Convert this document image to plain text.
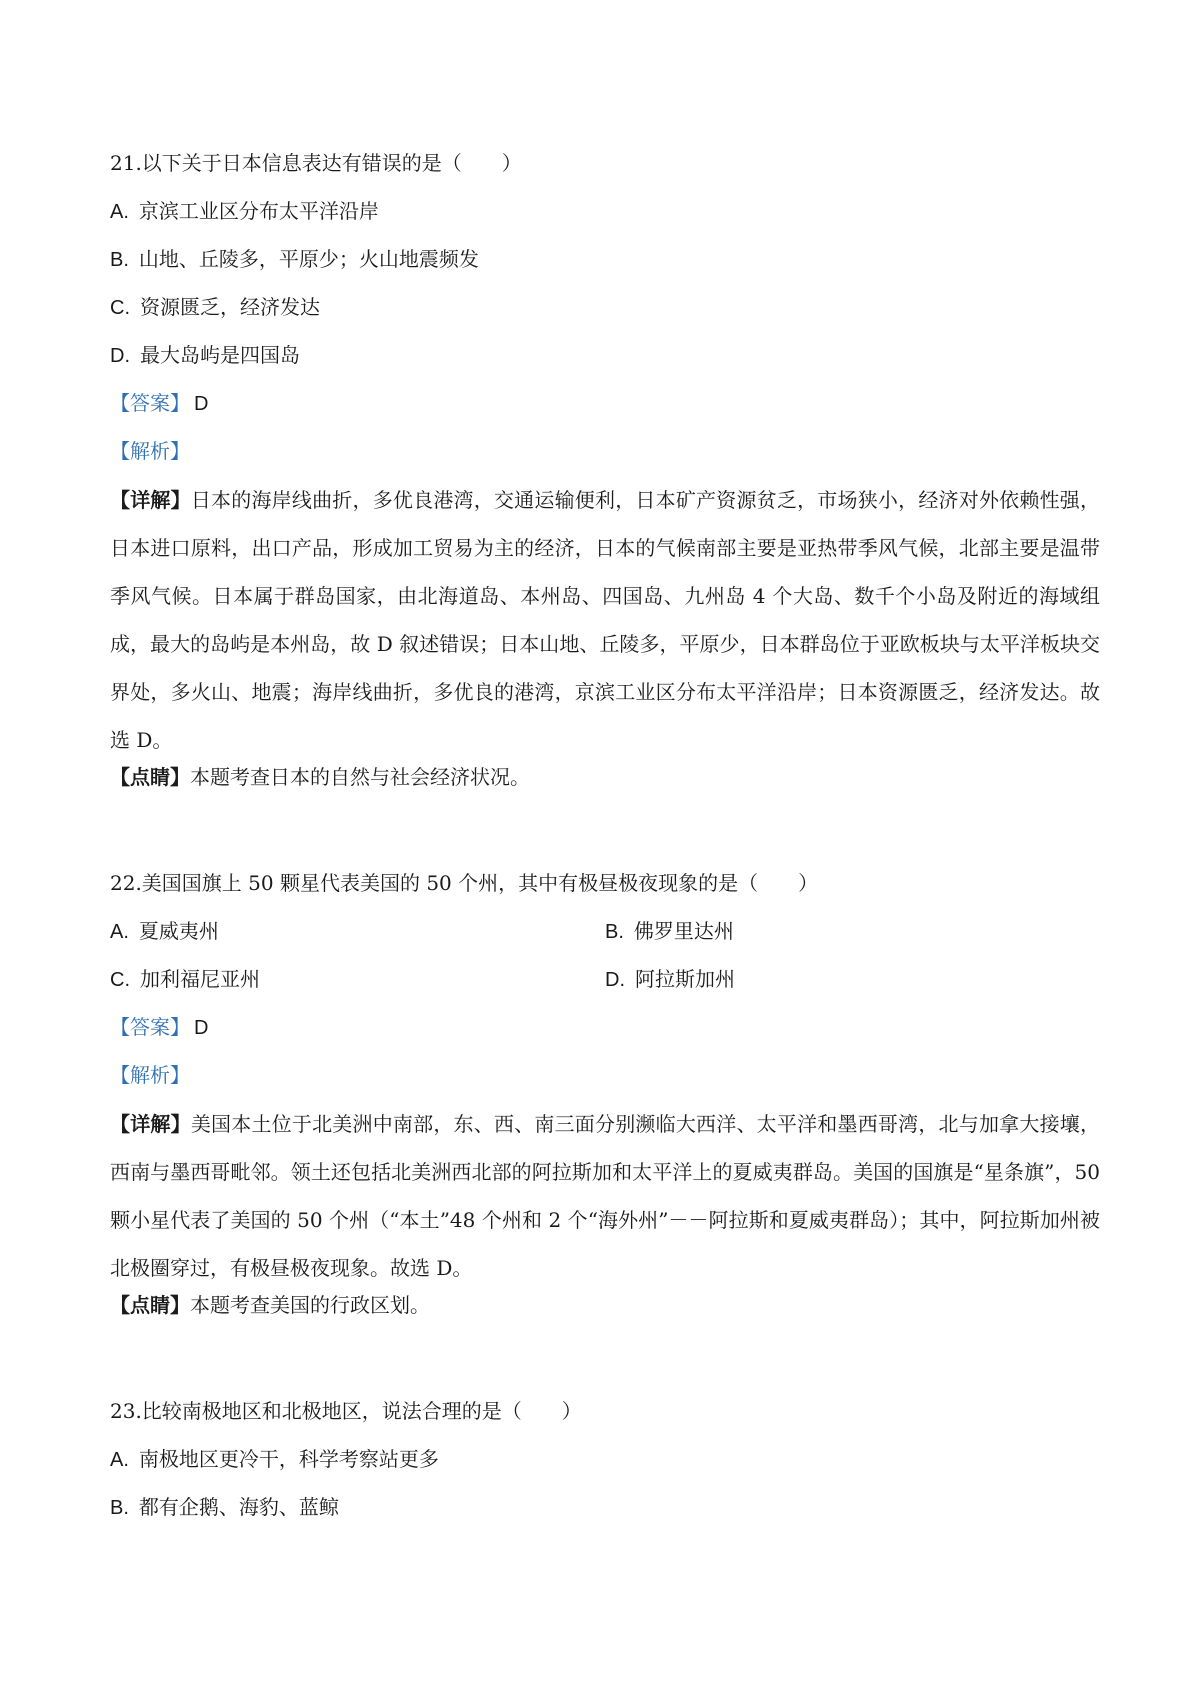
21.以下关于日本信息表达有错误的是（　　）
A. 京滨工业区分布太平洋沿岸
B. 山地、丘陵多，平原少；火山地震频发
C. 资源匮乏，经济发达
D. 最大岛屿是四国岛
【答案】 D
【解析】
【详解】日本的海岸线曲折，多优良港湾，交通运输便利，日本矿产资源贫乏，市场狭小，经济对外依赖性强，日本进口原料，出口产品，形成加工贸易为主的经济，日本的气候南部主要是亚热带季风气候，北部主要是温带季风气候。日本属于群岛国家，由北海道岛、本州岛、四国岛、九州岛 4 个大岛、数千个小岛及附近的海域组成，最大的岛屿是本州岛，故 D 叙述错误；日本山地、丘陵多，平原少，日本群岛位于亚欧板块与太平洋板块交界处，多火山、地震；海岸线曲折，多优良的港湾，京滨工业区分布太平洋沿岸；日本资源匮乏，经济发达。故选 D。
【点睛】本题考查日本的自然与社会经济状况。
22.美国国旗上 50 颗星代表美国的 50 个州，其中有极昼极夜现象的是（　　）
A. 夏威夷州	B. 佛罗里达州
C. 加利福尼亚州	D. 阿拉斯加州
【答案】 D
【解析】
【详解】美国本土位于北美洲中南部，东、西、南三面分别濒临大西洋、太平洋和墨西哥湾，北与加拿大接壤，西南与墨西哥毗邻。领土还包括北美洲西北部的阿拉斯加和太平洋上的夏威夷群岛。美国的国旗是“星条旗”，50 颗小星代表了美国的 50 个州（“本土”48 个州和 2 个“海外州”－－阿拉斯和夏威夷群岛）；其中，阿拉斯加州被北极圈穿过，有极昼极夜现象。故选 D。
【点睛】本题考查美国的行政区划。
23.比较南极地区和北极地区，说法合理的是（　　）
A. 南极地区更冷干，科学考察站更多
B. 都有企鹅、海豹、蓝鲸
